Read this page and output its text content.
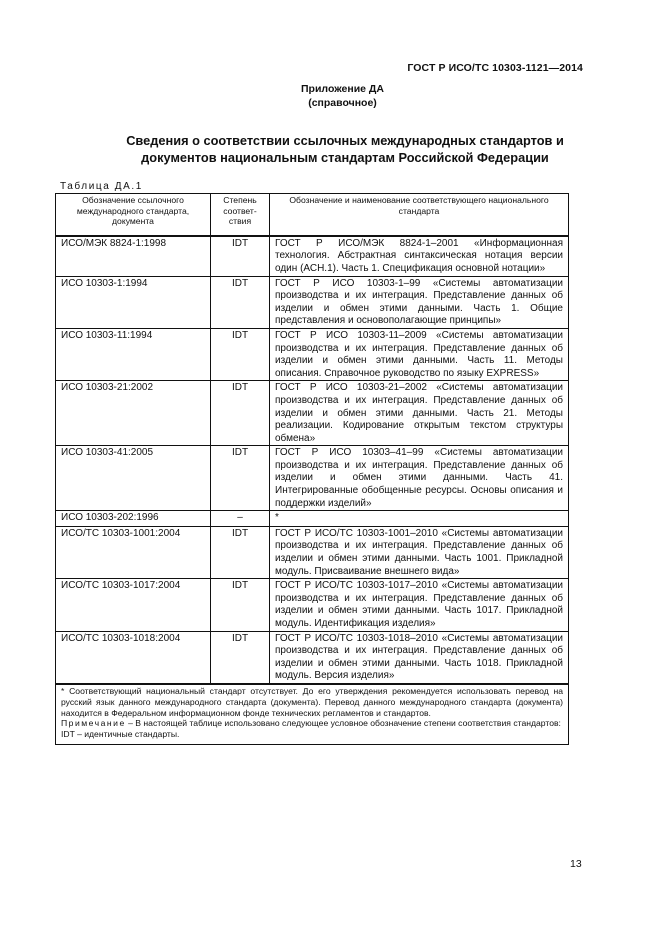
ГОСТ Р ИСО/ТС 10303-1121—2014
Приложение ДА
(справочное)
Сведения о соответствии ссылочных международных стандартов и
документов национальным стандартам Российской Федерации
Таблица ДА.1
Обозначение ссылочного международного стандарта, документа	Степень соответ-ствия	Обозначение и наименование соответствующего национального стандарта
ИСО/МЭК 8824-1:1998	IDT	ГОСТ Р ИСО/МЭК 8824-1–2001 «Информационная технология. Абстрактная синтаксическая нотация версии один (АСН.1). Часть 1. Спецификация основной нотации»
ИСО 10303-1:1994	IDT	ГОСТ Р ИСО 10303-1–99 «Системы автоматизации производства и их интеграция. Представление данных об изделии и обмен этими данными. Часть 1. Общие представления и основополагающие принципы»
ИСО 10303-11:1994	IDT	ГОСТ Р ИСО 10303-11–2009 «Системы автоматизации производства и их интеграция. Представление данных об изделии и обмен этими данными. Часть 11. Методы описания. Справочное руководство по языку EXPRESS»
ИСО 10303-21:2002	IDT	ГОСТ Р ИСО 10303-21–2002 «Системы автоматизации производства и их интеграция. Представление данных об изделии и обмен этими данными. Часть 21. Методы реализации. Кодирование открытым текстом структуры обмена»
ИСО 10303-41:2005	IDT	ГОСТ Р ИСО 10303–41–99 «Системы автоматизации производства и их интеграция. Представление данных об изделии и обмен этими данными. Часть 41. Интегрированные обобщенные ресурсы. Основы описания и поддержки изделий»
ИСО 10303-202:1996	–	*
ИСО/ТС 10303-1001:2004	IDT	ГОСТ Р ИСО/ТС 10303-1001–2010 «Системы автоматизации производства и их интеграция. Представление данных об изделии и обмен этими данными. Часть 1001. Прикладной модуль. Присваивание внешнего вида»
ИСО/ТС 10303-1017:2004	IDT	ГОСТ Р ИСО/ТС 10303-1017–2010 «Системы автоматизации производства и их интеграция. Представление данных об изделии и обмен этими данными. Часть 1017. Прикладной модуль. Идентификация изделия»
ИСО/ТС 10303-1018:2004	IDT	ГОСТ Р ИСО/ТС 10303-1018–2010 «Системы автоматизации производства и их интеграция. Представление данных об изделии и обмен этими данными. Часть 1018. Прикладной модуль. Версия изделия»

* Соответствующий национальный стандарт отсутствует. До его утверждения рекомендуется использовать перевод на русский язык данного международного стандарта (документа). Перевод данного международного стандарта (документа) находится в Федеральном информационном фонде технических регламентов и стандартов.
Примечание – В настоящей таблице использовано следующее условное обозначение степени соответствия стандартов:
IDT – идентичные стандарты.		
13
